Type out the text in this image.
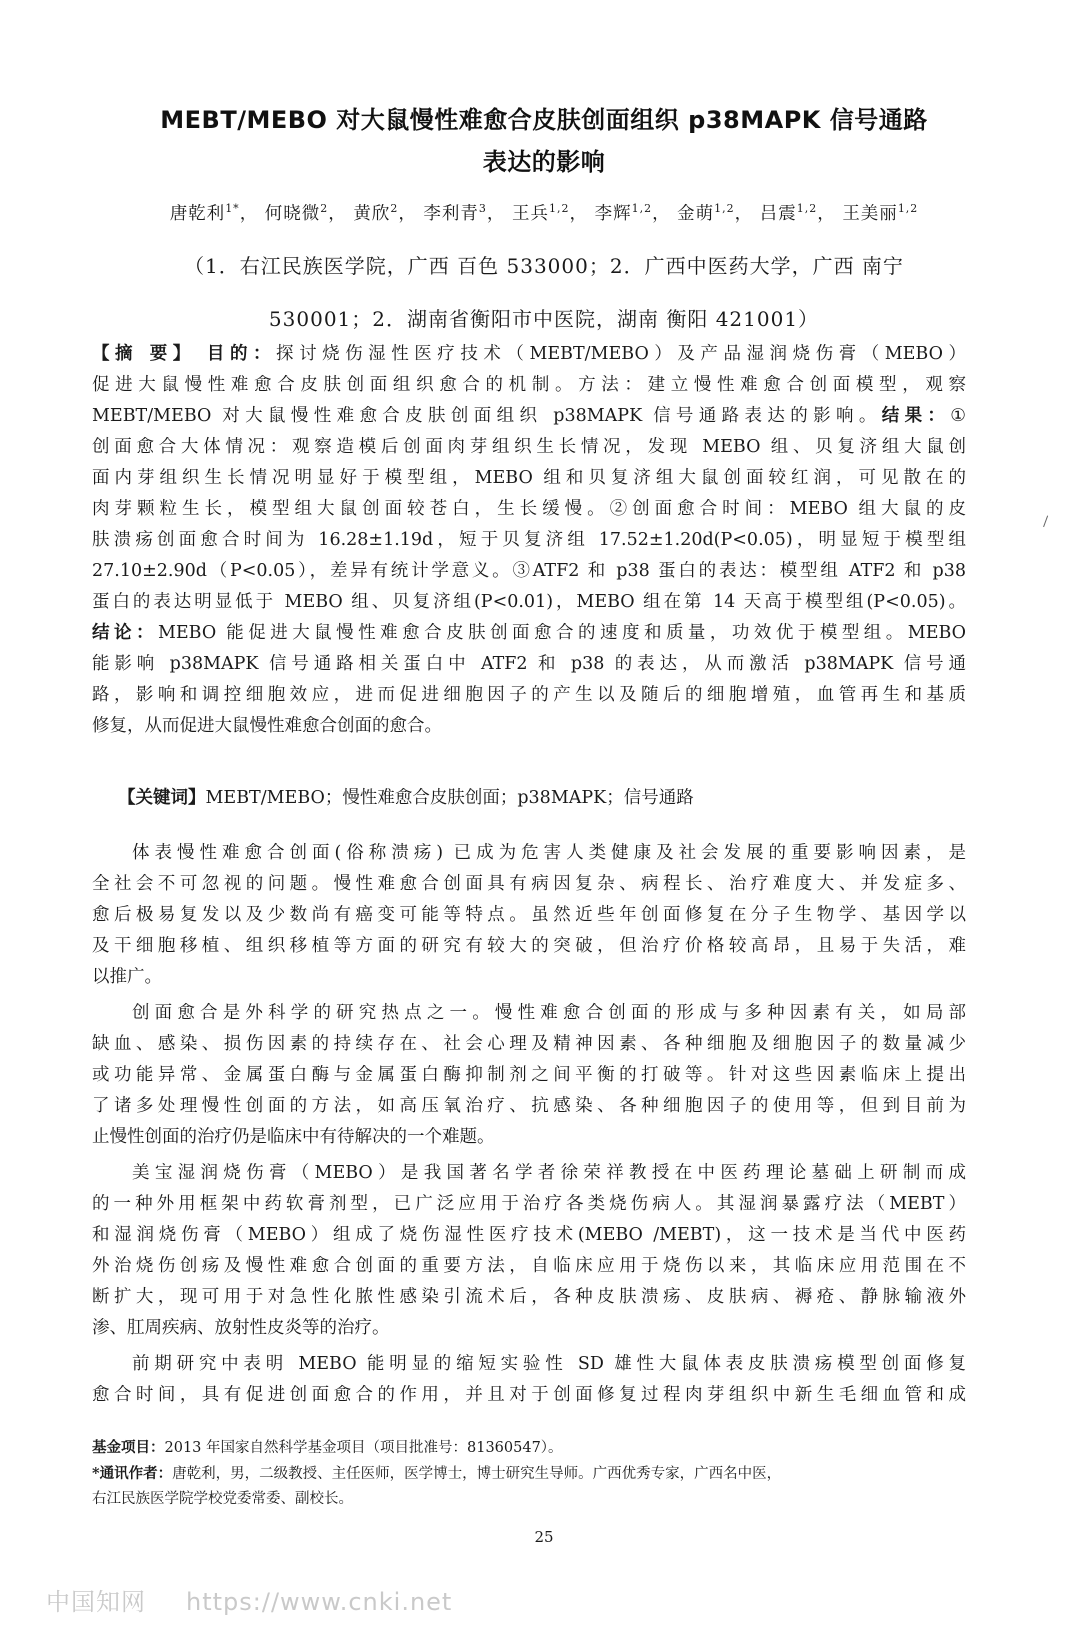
MEBT/MEBO 对大鼠慢性难愈合皮肤创面组织 p38MAPK 信号通路
表达的影响
唐乾利$^{1*}$， 何晓微$^2$， 黄欣$^2$， 李利青$^3$， 王兵$^{1,2}$， 李辉$^{1,2}$， 金萌$^{1,2}$， 吕震$^{1,2}$， 王美丽$^{1,2}$
（1．右江民族医学院，广西 百色 533000；2．广西中医药大学，广西 南宁
530001；2．湖南省衡阳市中医院，湖南 衡阳 421001）
【摘 要】 目的：探讨烧伤湿性医疗技术（MEBT/MEBO）及产品湿润烧伤膏（MEBO）
促进大鼠慢性难愈合皮肤创面组织愈合的机制。方法：建立慢性难愈合创面模型，观察
MEBT/MEBO 对大鼠慢性难愈合皮肤创面组织 p38MAPK 信号通路表达的影响。结果：①
创面愈合大体情况：观察造模后创面肉芽组织生长情况，发现 MEBO 组、贝复济组大鼠创
面内芽组织生长情况明显好于模型组，MEBO 组和贝复济组大鼠创面较红润，可见散在的
肉芽颗粒生长，模型组大鼠创面较苍白，生长缓慢。②创面愈合时间：MEBO 组大鼠的皮
肤溃疡创面愈合时间为 16.28±1.19d，短于贝复济组 17.52±1.20d(P<0.05)，明显短于模型组
27.10±2.90d（P<0.05），差异有统计学意义。③ATF2 和 p38 蛋白的表达：模型组 ATF2 和 p38
蛋白的表达明显低于 MEBO 组、贝复济组(P<0.01)，MEBO 组在第 14 天高于模型组(P<0.05)。
结论：MEBO 能促进大鼠慢性难愈合皮肤创面愈合的速度和质量，功效优于模型组。MEBO
能影响 p38MAPK 信号通路相关蛋白中 ATF2 和 p38 的表达，从而激活 p38MAPK 信号通
路，影响和调控细胞效应，进而促进细胞因子的产生以及随后的细胞增殖，血管再生和基质
修复，从而促进大鼠慢性难愈合创面的愈合。
【关键词】MEBT/MEBO；慢性难愈合皮肤创面；p38MAPK；信号通路
体表慢性难愈合创面(俗称溃疡) 已成为危害人类健康及社会发展的重要影响因素，是
全社会不可忽视的问题。慢性难愈合创面具有病因复杂、病程长、治疗难度大、并发症多、
愈后极易复发以及少数尚有癌变可能等特点。虽然近些年创面修复在分子生物学、基因学以
及干细胞移植、组织移植等方面的研究有较大的突破，但治疗价格较高昂，且易于失活，难
以推广。
创面愈合是外科学的研究热点之一。慢性难愈合创面的形成与多种因素有关，如局部
缺血、感染、损伤因素的持续存在、社会心理及精神因素、各种细胞及细胞因子的数量减少
或功能异常、金属蛋白酶与金属蛋白酶抑制剂之间平衡的打破等。针对这些因素临床上提出
了诸多处理慢性创面的方法，如高压氧治疗、抗感染、各种细胞因子的使用等，但到目前为
止慢性创面的治疗仍是临床中有待解决的一个难题。
美宝湿润烧伤膏（MEBO）是我国著名学者徐荣祥教授在中医药理论墓础上研制而成
的一种外用框架中药软膏剂型，已广泛应用于治疗各类烧伤病人。其湿润暴露疗法（MEBT）
和湿润烧伤膏（MEBO）组成了烧伤湿性医疗技术(MEBO /MEBT)，这一技术是当代中医药
外治烧伤创疡及慢性难愈合创面的重要方法，自临床应用于烧伤以来，其临床应用范围在不
断扩大，现可用于对急性化脓性感染引流术后，各种皮肤溃疡、皮肤病、褥疮、静脉输液外
渗、肛周疾病、放射性皮炎等的治疗。
前期研究中表明 MEBO 能明显的缩短实验性 SD 雄性大鼠体表皮肤溃疡模型创面修复
愈合时间，具有促进创面愈合的作用，并且对于创面修复过程肉芽组织中新生毛细血管和成
基金项目：2013 年国家自然科学基金项目（项目批准号：81360547）。
*通讯作者：唐乾利，男，二级教授、主任医师，医学博士，博士研究生导师。广西优秀专家，广西名中医，
右江民族医学院学校党委常委、副校长。
25
中国知网 https://www.cnki.net
